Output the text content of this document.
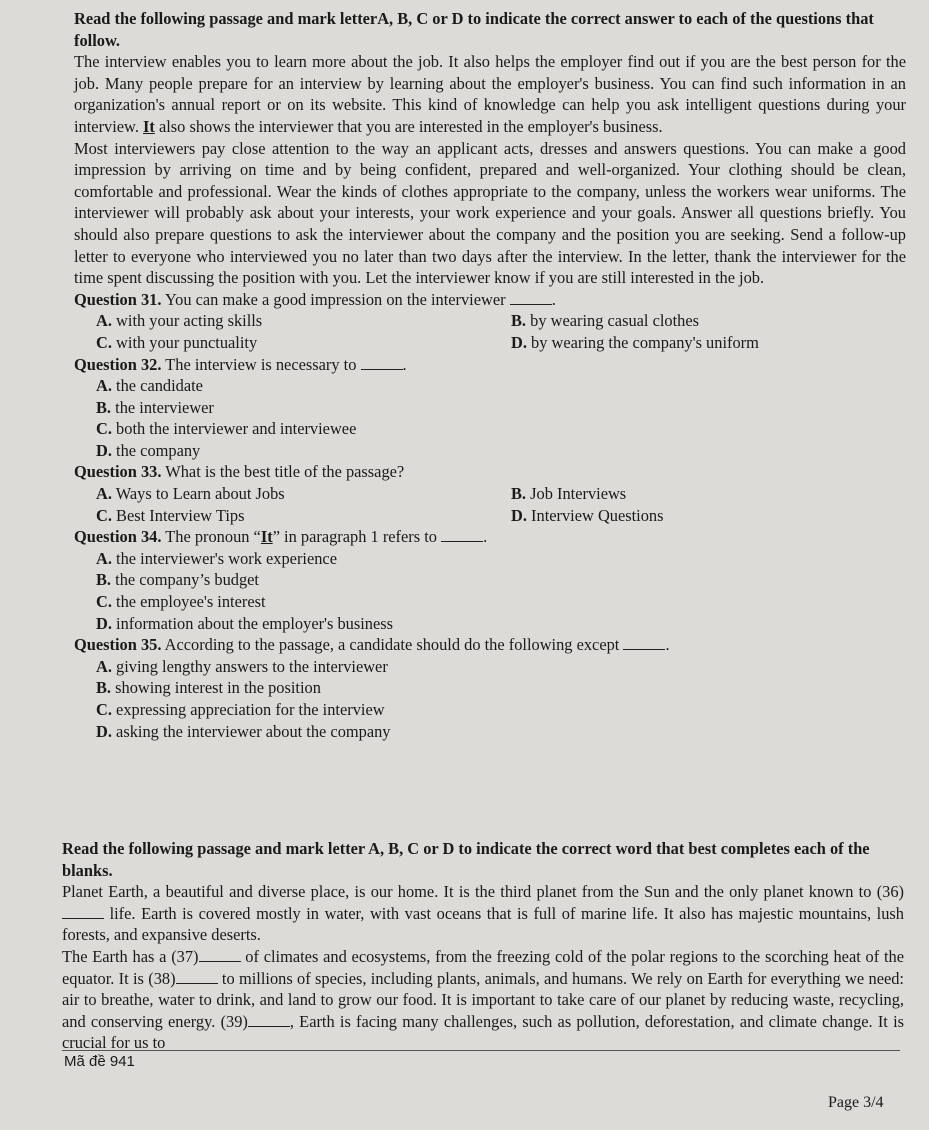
Read the following passage and mark letterA, B, C or D to indicate the correct answer to each of the questions that follow.

The interview enables you to learn more about the job. It also helps the employer find out if you are the best person for the job. Many people prepare for an interview by learning about the employer's business. You can find such information in an organization's annual report or on its website. This kind of knowledge can help you ask intelligent questions during your interview. It also shows the interviewer that you are interested in the employer's business.

Most interviewers pay close attention to the way an applicant acts, dresses and answers questions. You can make a good impression by arriving on time and by being confident, prepared and well-organized. Your clothing should be clean, comfortable and professional. Wear the kinds of clothes appropriate to the company, unless the workers wear uniforms. The interviewer will probably ask about your interests, your work experience and your goals. Answer all questions briefly. You should also prepare questions to ask the interviewer about the company and the position you are seeking. Send a follow-up letter to everyone who interviewed you no later than two days after the interview. In the letter, thank the interviewer for the time spent discussing the position with you. Let the interviewer know if you are still interested in the job.

Question 31. You can make a good impression on the interviewer	.

A. with your acting skills	B. by wearing casual clothes
C. with your punctuality	D. by wearing the company's uniform

Question 32. The interview is necessary to	.

A. the candidate
B. the interviewer
C. both the interviewer and interviewee
D. the company

Question 33. What is the best title of the passage?

A. Ways to Learn about Jobs	B. Job Interviews
C. Best Interview Tips	D. Interview Questions

Question 34. The pronoun “It” in paragraph 1 refers to	.

A. the interviewer's work experience
B. the company’s budget
C. the employee's interest
D. information about the employer's business

Question 35. According to the passage, a candidate should do the following except	.

A. giving lengthy answers to the interviewer
B. showing interest in the position
C. expressing appreciation for the interview
D. asking the interviewer about the company

Read the following passage and mark letter A, B, C or D to indicate the correct word that best completes each of the blanks.

Planet Earth, a beautiful and diverse place, is our home. It is the third planet from the Sun and the only planet known to (36) life. Earth is covered mostly in water, with vast oceans that is full of marine life. It also has majestic mountains, lush forests, and expansive deserts.

The Earth has a (37)	of climates and ecosystems, from the freezing cold of the polar regions to the scorching heat of the equator. It is (38)	to millions of species, including plants, animals, and humans. We rely on Earth for everything we need: air to breathe, water to drink, and land to grow our food. It is important to take care of our planet by reducing waste, recycling, and conserving energy. (39)	, Earth is facing many challenges, such as pollution, deforestation, and climate change. It is crucial for us to

Mã đề 941
Page 3/4
